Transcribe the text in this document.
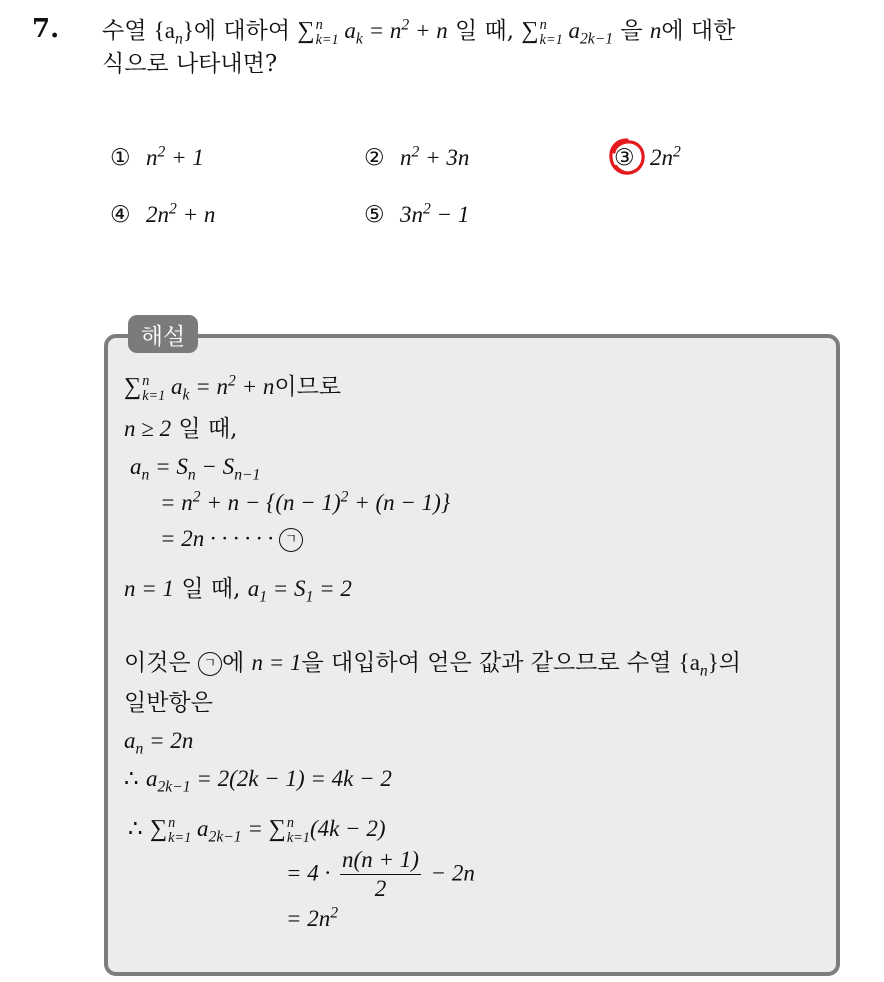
7. 수열 $\{a_n\}$에 대하여 ∑ n
k=1 $a_k = n^2 + n$ 일 때, ∑ n
k=1 $a_{2k-1}$ 을 n에 대한
식으로 나타내면?
① $n^2 + 1$	② $n^2 + 3n$	③ $2n^2$
④ $2n^2 + n$	⑤ $3n^2 - 1$
해설
∑ n
k=1 $a_k = n^2 + n$이므로
n ≥ 2 일 때,
$a_n = S_n - S_{n-1}$
= $n^2 + n - \{(n - 1)^2 + (n - 1)\}$
= 2n · · · · · · ㄱ
n = 1 일 때, $a_1 = S_1 = 2$
이것은 ㄱ 에 n = 1을 대입하여 얻은 값과 같으므로 수열 $\{a_n\}$의
일반항은
$a_n = 2n$
∴ $a_{2k-1} = 2(2k - 1) = 4k - 2$
∴ ∑ n
k=1 $a_{2k-1}$ = ∑ n
k=1 (4k − 2)
= $4 \cdot \frac{n(n + 1)}{2} - 2n$
= $2n^2$
